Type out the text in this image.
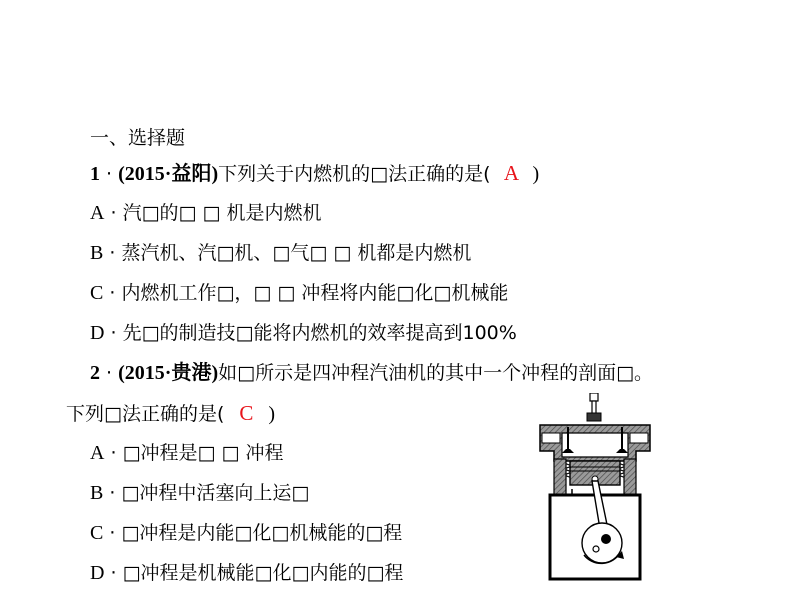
一、选择题
1 · (2015·益阳)下列关于内燃机的□法正确的是( A )
A · 汽□的□ □ 机是内燃机
B · 蒸汽机、汽□机、□气□ □ 机都是内燃机
C · 内燃机工作□，□ □ 冲程将内能□化□机械能
D · 先□的制造技□能将内燃机的效率提高到100%
2 · (2015·贵港)如□所示是四冲程汽油机的其中一个冲程的剖面□。
下列□法正确的是( C )
A · □冲程是□ □ 冲程
B · □冲程中活塞向上运□
C · □冲程是内能□化□机械能的□程
D · □冲程是机械能□化□内能的□程
